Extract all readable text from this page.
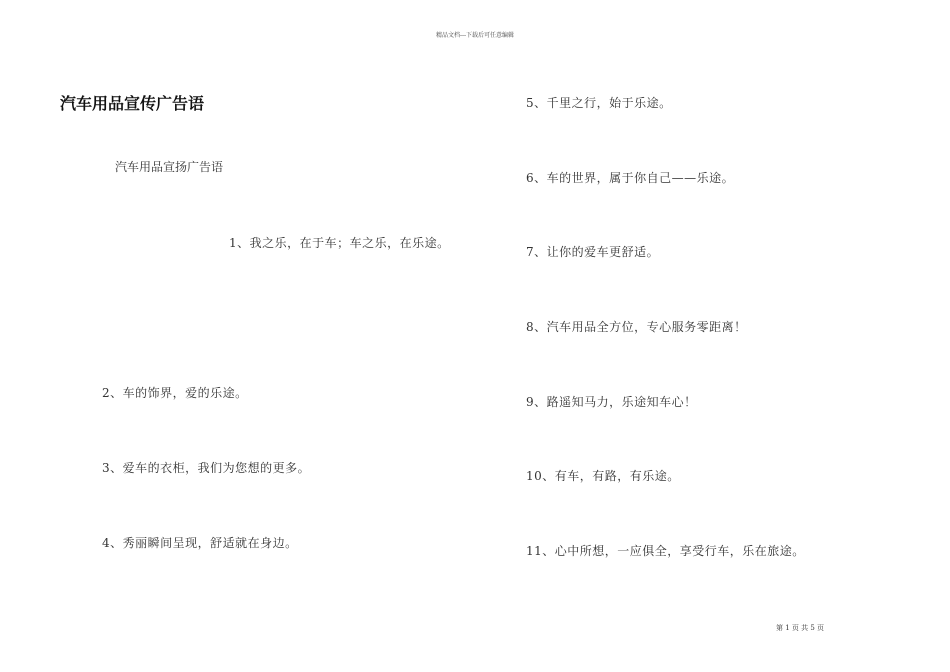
精品文档---下载后可任意编辑
汽车用品宣传广告语
汽车用品宣扬广告语
1、我之乐，在于车；车之乐，在乐途。
2、车的饰界，爱的乐途。
3、爱车的衣柜，我们为您想的更多。
4、秀丽瞬间呈现，舒适就在身边。
5、千里之行，始于乐途。
6、车的世界，属于你自己——乐途。
7、让你的爱车更舒适。
8、汽车用品全方位，专心服务零距离！
9、路遥知马力，乐途知车心！
10、有车，有路，有乐途。
11、心中所想，一应俱全，享受行车，乐在旅途。
第 1 页 共 5 页
